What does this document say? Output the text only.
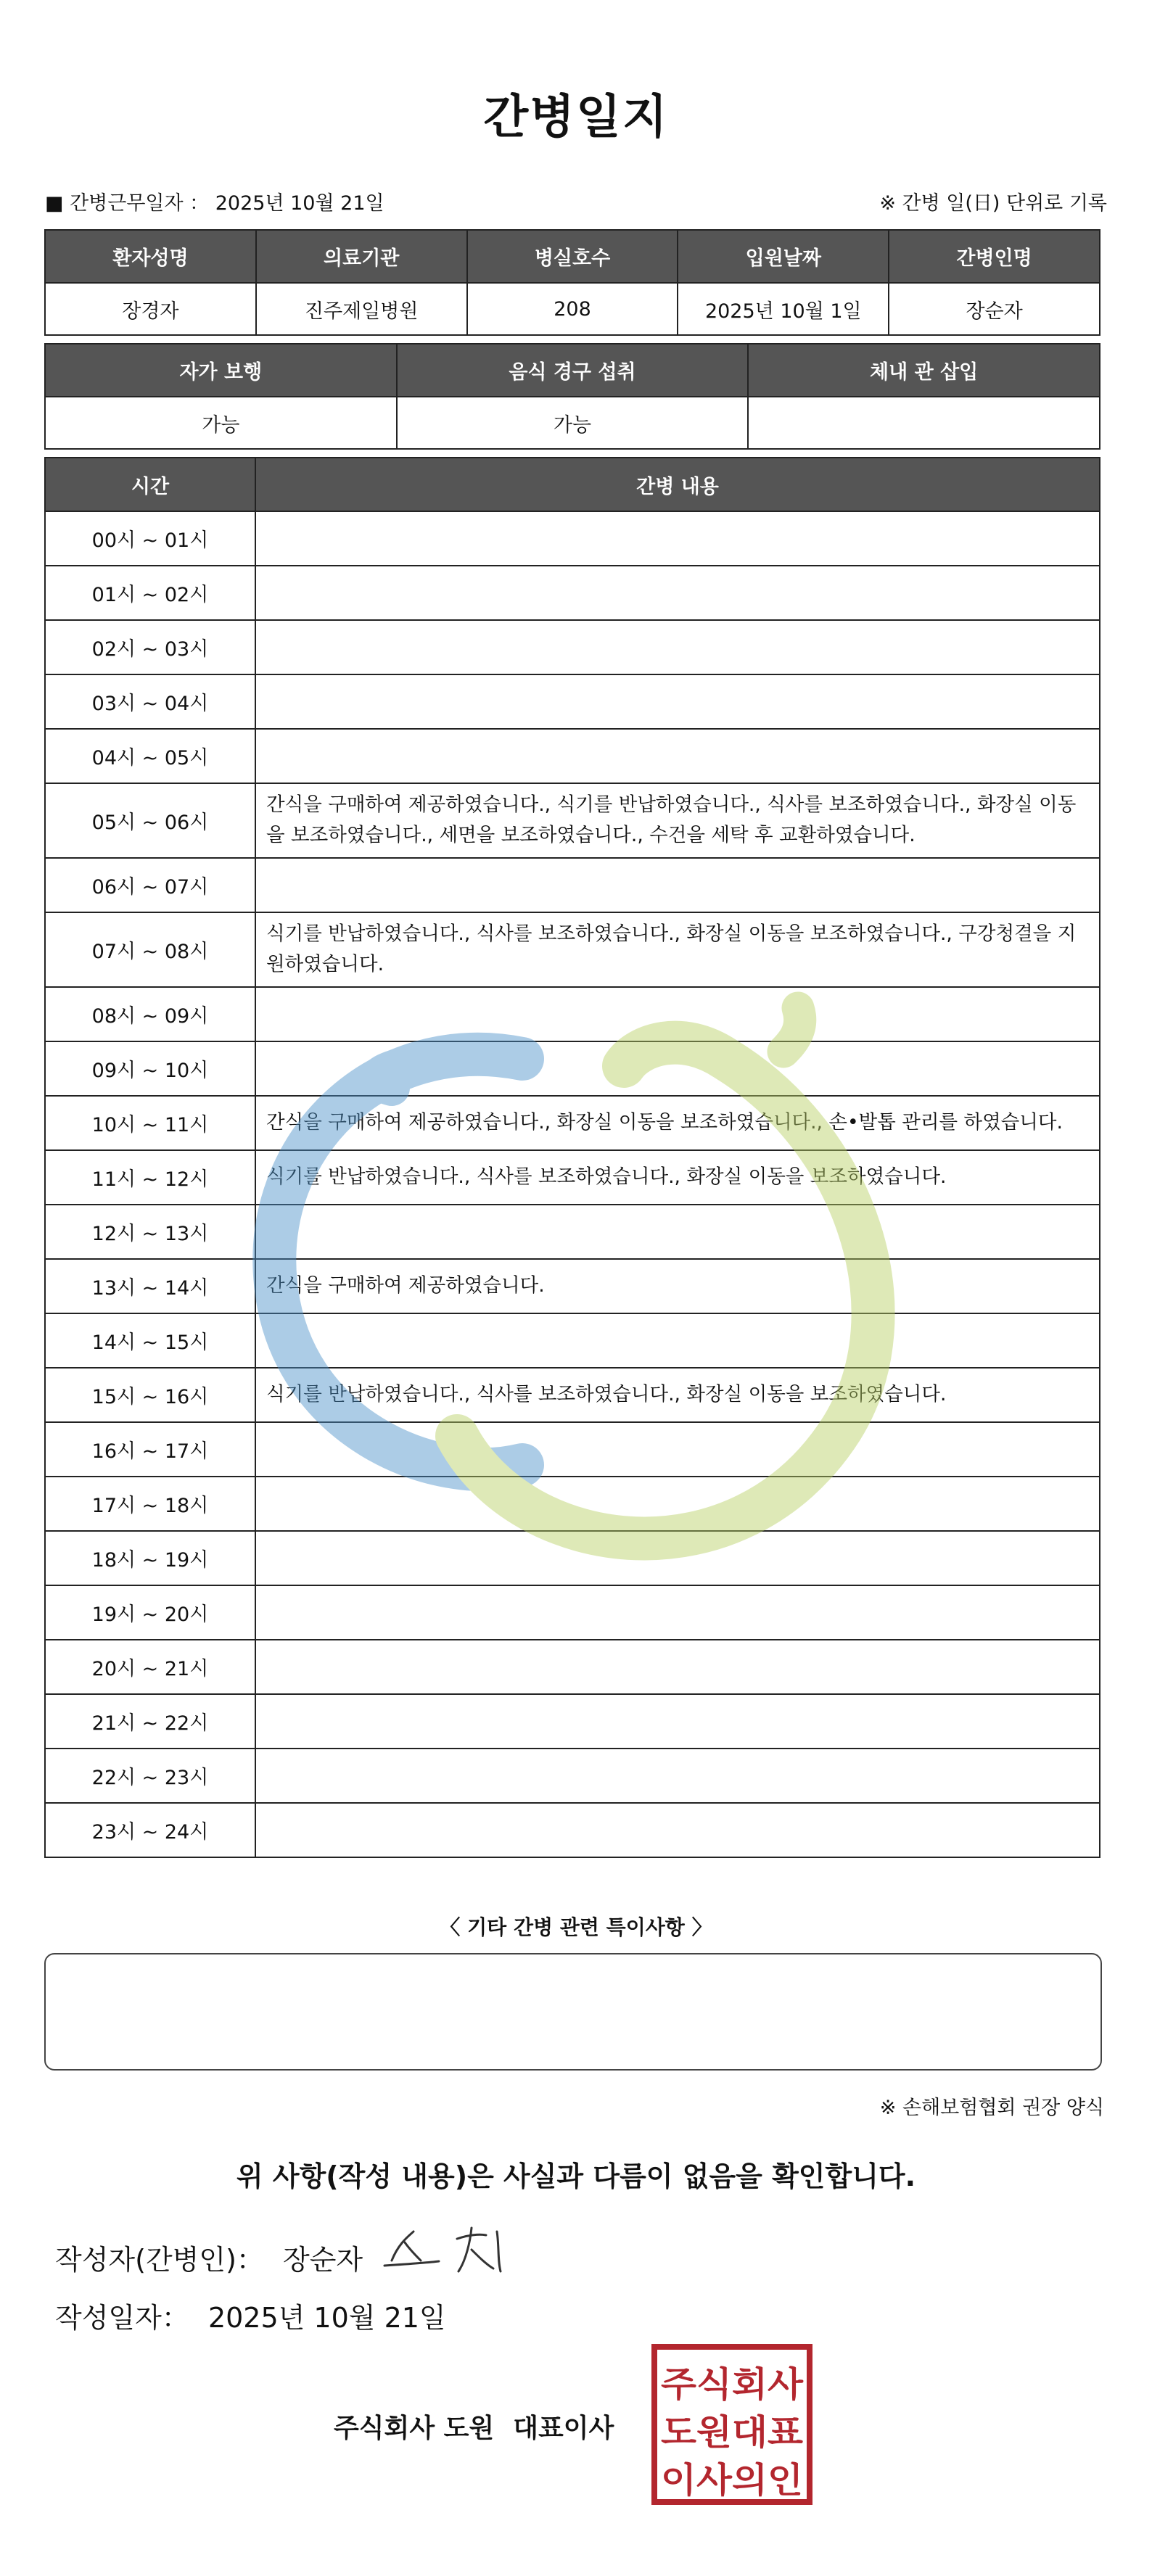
간병일지
■ 간병근무일자 ： 2025년 10월 21일	※ 간병 일(日) 단위로 기록
환자성명	의료기관	병실호수	입원날짜	간병인명
장경자	진주제일병원	208	2025년 10월 1일	장순자
자가 보행	음식 경구 섭취	체내 관 삽입
가능	가능	
시간	간병 내용
00시 ~ 01시	
01시 ~ 02시	
02시 ~ 03시	
03시 ~ 04시	
04시 ~ 05시	
05시 ~ 06시	간식을 구매하여 제공하였습니다., 식기를 반납하였습니다., 식사를 보조하였습니다., 화장실 이동을 보조하였습니다., 세면을 보조하였습니다., 수건을 세탁 후 교환하였습니다.
06시 ~ 07시	
07시 ~ 08시	식기를 반납하였습니다., 식사를 보조하였습니다., 화장실 이동을 보조하였습니다., 구강청결을 지원하였습니다.
08시 ~ 09시	
09시 ~ 10시	
10시 ~ 11시	간식을 구매하여 제공하였습니다., 화장실 이동을 보조하였습니다., 손•발톱 관리를 하였습니다.
11시 ~ 12시	식기를 반납하였습니다., 식사를 보조하였습니다., 화장실 이동을 보조하였습니다.
12시 ~ 13시	
13시 ~ 14시	간식을 구매하여 제공하였습니다.
14시 ~ 15시	
15시 ~ 16시	식기를 반납하였습니다., 식사를 보조하였습니다., 화장실 이동을 보조하였습니다.
16시 ~ 17시	
17시 ~ 18시	
18시 ~ 19시	
19시 ~ 20시	
20시 ~ 21시	
21시 ~ 22시	
22시 ~ 23시	
23시 ~ 24시	
〈 기타 간병 관련 특이사항 〉
※ 손해보험협회 권장 양식
위 사항(작성 내용)은 사실과 다름이 없음을 확인합니다.
작성자(간병인)： 장순자
작성일자： 2025년 10월 21일
주식회사 도원 대표이사
주식회사
도원대표
이사의인
